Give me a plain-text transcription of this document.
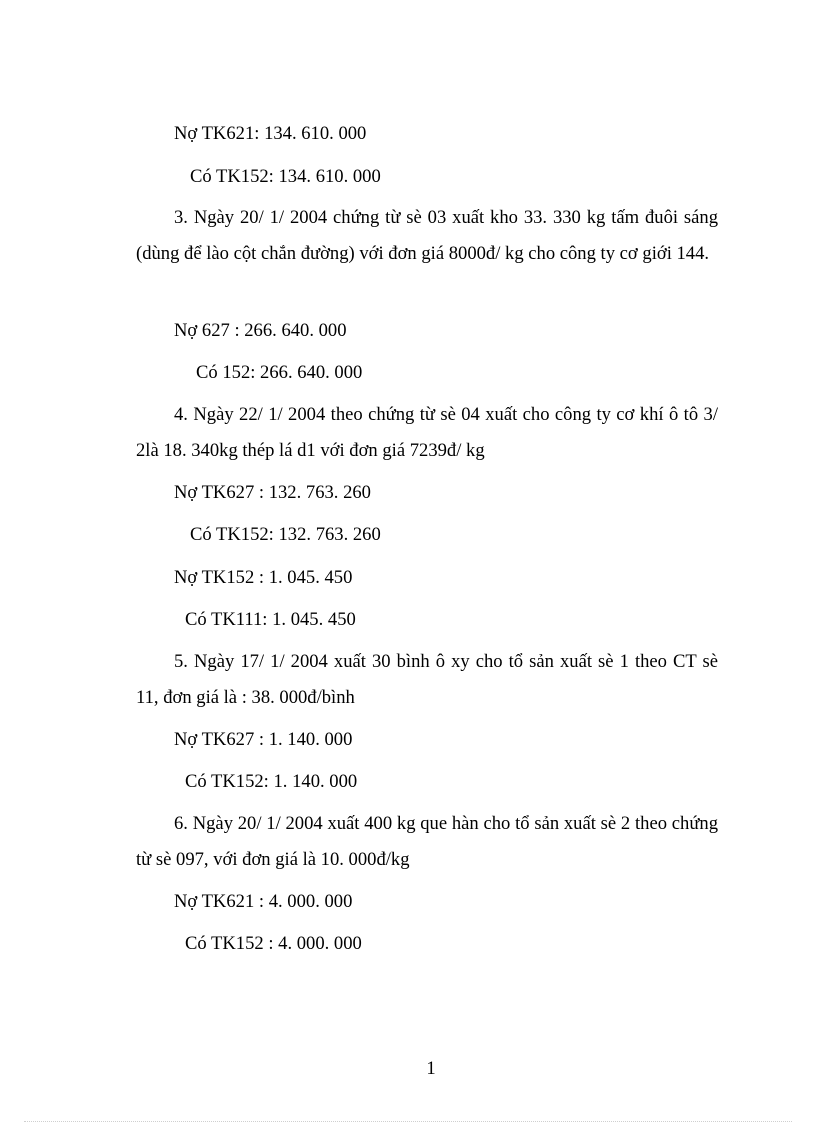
Nợ TK621: 134. 610. 000
Có TK152: 134. 610. 000
3. Ngày 20/ 1/ 2004 chứng từ sè 03 xuất kho 33. 330 kg tấm đuôi sáng (dùng để lào cột chắn đường) với đơn giá 8000đ/ kg cho công ty cơ giới 144.
Nợ 627 : 266. 640. 000
Có 152: 266. 640. 000
4. Ngày 22/ 1/ 2004 theo chứng từ sè 04 xuất cho công ty cơ khí ô tô 3/ 2là 18. 340kg thép lá d1 với đơn giá 7239đ/ kg
Nợ TK627 : 132. 763. 260
Có TK152: 132. 763. 260
Nợ TK152 : 1. 045. 450
Có TK111: 1. 045. 450
5. Ngày 17/ 1/ 2004 xuất 30 bình ô xy cho tổ sản xuất sè 1 theo CT sè 11, đơn giá là : 38. 000đ/bình
Nợ TK627 : 1. 140. 000
Có TK152: 1. 140. 000
6. Ngày 20/ 1/ 2004 xuất 400 kg que hàn cho tổ sản xuất sè 2 theo chứng từ sè 097, với đơn giá là 10. 000đ/kg
Nợ TK621 : 4. 000. 000
Có TK152 : 4. 000. 000
1
